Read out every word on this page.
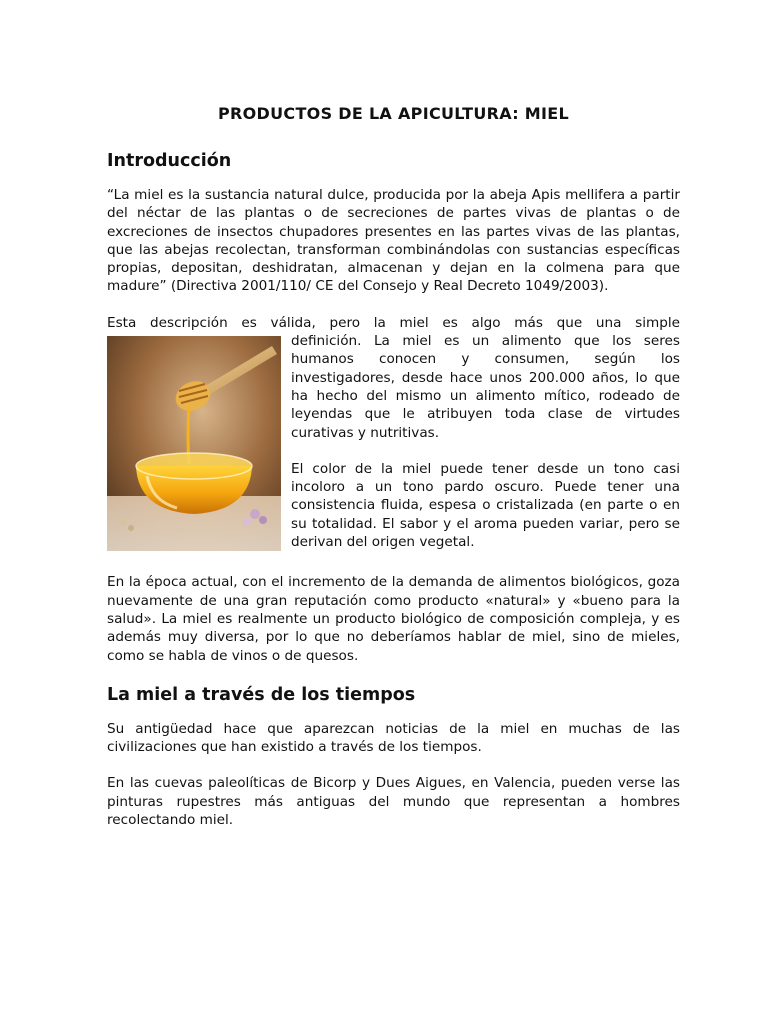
PRODUCTOS DE LA APICULTURA: MIEL
Introducción

“La miel es la sustancia natural dulce, producida por la abeja Apis mellifera a partir del néctar de las plantas o de secreciones de partes vivas de plantas o de excreciones de insectos chupadores presentes en las partes vivas de las plantas, que las abejas recolectan, transforman combinándolas con sustancias específicas propias, depositan, deshidratan, almacenan y dejan en la colmena para que madure” (Directiva 2001/110/ CE del Consejo y Real Decreto 1049/2003).

Esta descripción es válida, pero la miel es algo más que una simple

definición. La miel es un alimento que los seres humanos conocen y consumen, según los investigadores, desde hace unos 200.000 años, lo que ha hecho del mismo un alimento mítico, rodeado de leyendas que le atribuyen toda clase de virtudes curativas y nutritivas.

El color de la miel puede tener desde un tono casi incoloro a un tono pardo oscuro. Puede tener una consistencia fluida, espesa o cristalizada (en parte o en su totalidad. El sabor y el aroma pueden variar, pero se derivan del origen vegetal.

En la época actual, con el incremento de la demanda de alimentos biológicos, goza nuevamente de una gran reputación como producto «natural» y «bueno para la salud». La miel es realmente un producto biológico de composición compleja, y es además muy diversa, por lo que no deberíamos hablar de miel, sino de mieles, como se habla de vinos o de quesos.

La miel a través de los tiempos

Su antigüedad hace que aparezcan noticias de la miel en muchas de las civilizaciones que han existido a través de los tiempos.

En las cuevas paleolíticas de Bicorp y Dues Aigues, en Valencia, pueden verse las pinturas rupestres más antiguas del mundo que representan a hombres recolectando miel.
